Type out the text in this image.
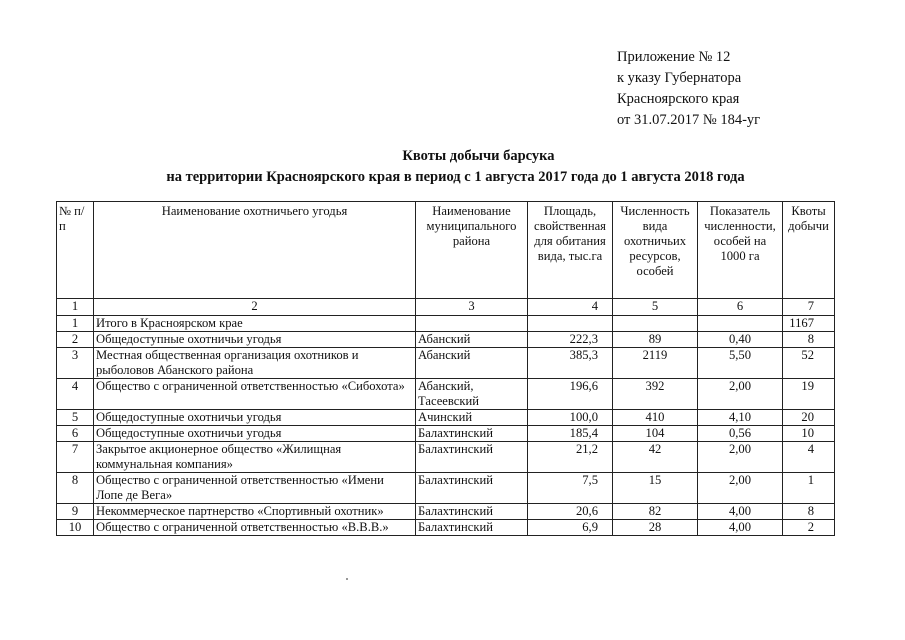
Приложение № 12
к указу Губернатора
Красноярского края
от 31.07.2017 № 184-уг
Квоты добычи барсука
на территории Красноярского края в период с 1 августа 2017 года до 1 августа 2018 года
№ п/п	Наименование охотничьего угодья	Наименование муниципального района	Площадь, свойственная для обитания вида, тыс.га	Численность вида охотничьих ресурсов, особей	Показатель численности, особей на 1000 га	Квоты добычи
1	2	3	4	5	6	7
1	Итого в Красноярском крае					1167
2	Общедоступные охотничьи угодья	Абанский	222,3	89	0,40	8
3	Местная общественная организация охотников и рыболовов Абанского района	Абанский	385,3	2119	5,50	52
4	Общество с ограниченной ответственностью «Сибохота»	Абанский, Тасеевский	196,6	392	2,00	19
5	Общедоступные охотничьи угодья	Ачинский	100,0	410	4,10	20
6	Общедоступные охотничьи угодья	Балахтинский	185,4	104	0,56	10
7	Закрытое акционерное общество «Жилищная коммунальная компания»	Балахтинский	21,2	42	2,00	4
8	Общество с ограниченной ответственностью «Имени Лопе де Вега»	Балахтинский	7,5	15	2,00	1
9	Некоммерческое партнерство «Спортивный охотник»	Балахтинский	20,6	82	4,00	8
10	Общество с ограниченной ответственностью «В.В.В.»	Балахтинский	6,9	28	4,00	2
